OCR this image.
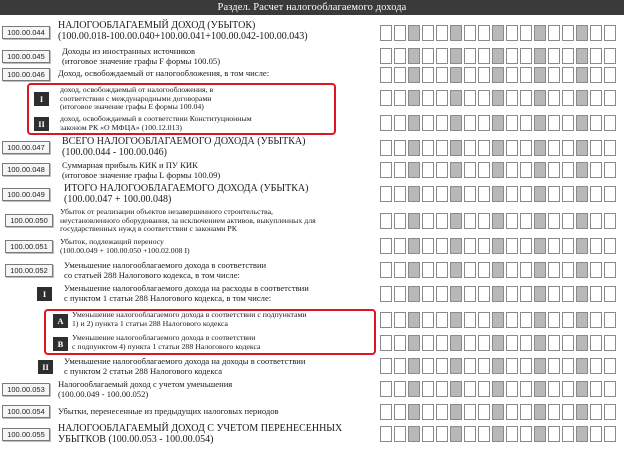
Раздел. Расчет налогооблагаемого дохода
100.00.044
НАЛОГООБЛАГАЕМЫЙ ДОХОД (УБЫТОК)
(100.00.018-100.00.040+100.00.041+100.00.042-100.00.043)
100.00.045
Доходы из иностранных источников
(итоговое значение графы F формы 100.05)
100.00.046	Доход, освобождаемый от налогообложения, в том числе:
I
доход, освобождаемый от налогообложения, в
соответствии с международными договорами
(итоговое значение графы Е формы 100.04)
II
доход, освобождаемый в соответствии Конституционным
законом РК «О МФЦА» (100.12.013)
100.00.047
ВСЕГО НАЛОГООБЛАГАЕМОГО ДОХОДА (УБЫТКА)
(100.00.044 - 100.00.046)
100.00.048	Суммарная прибыль КИК и ПУ КИК
(итоговое значение графы L формы 100.09)
100.00.049
ИТОГО НАЛОГООБЛАГАЕМОГО ДОХОДА (УБЫТКА)
(100.00.047 + 100.00.048)
100.00.050
Убыток от реализации объектов незавершенного строительства,
неустановленного оборудования, за исключением активов, выкупленных для
государственных нужд в соответствии с законами РК
100.00.051
Убыток, подлежащий переносу
(100.00.049 + 100.00.050 +100.02.008 I)
100.00.052
Уменьшение налогооблагаемого дохода в соответствии
со статьей 288 Налогового кодекса, в том числе:
I
Уменьшение налогооблагаемого дохода на расходы в соответствии
с пунктом 1 статьи 288 Налогового кодекса, в том числе:
A
Уменьшение налогооблагаемого дохода в соответствии с подпунктами
1) и 2) пункта 1 статьи 288 Налогового кодекса
B
Уменьшение налогооблагаемого дохода в соответствии
с подпунктом 4) пункта 1 статьи 288 Налогового кодекса
II
Уменьшение налогооблагаемого дохода на доходы в соответствии
с пунктом 2 статьи 288 Налогового кодекса
100.00.053
Налогооблагаемый доход с учетом уменьшения
(100.00.049 - 100.00.052)
100.00.054	Убытки, перенесенные из предыдущих налоговых периодов
100.00.055
НАЛОГООБЛАГАЕМЫЙ ДОХОД С УЧЕТОМ ПЕРЕНЕСЕННЫХ
УБЫТКОВ (100.00.053 - 100.00.054)
